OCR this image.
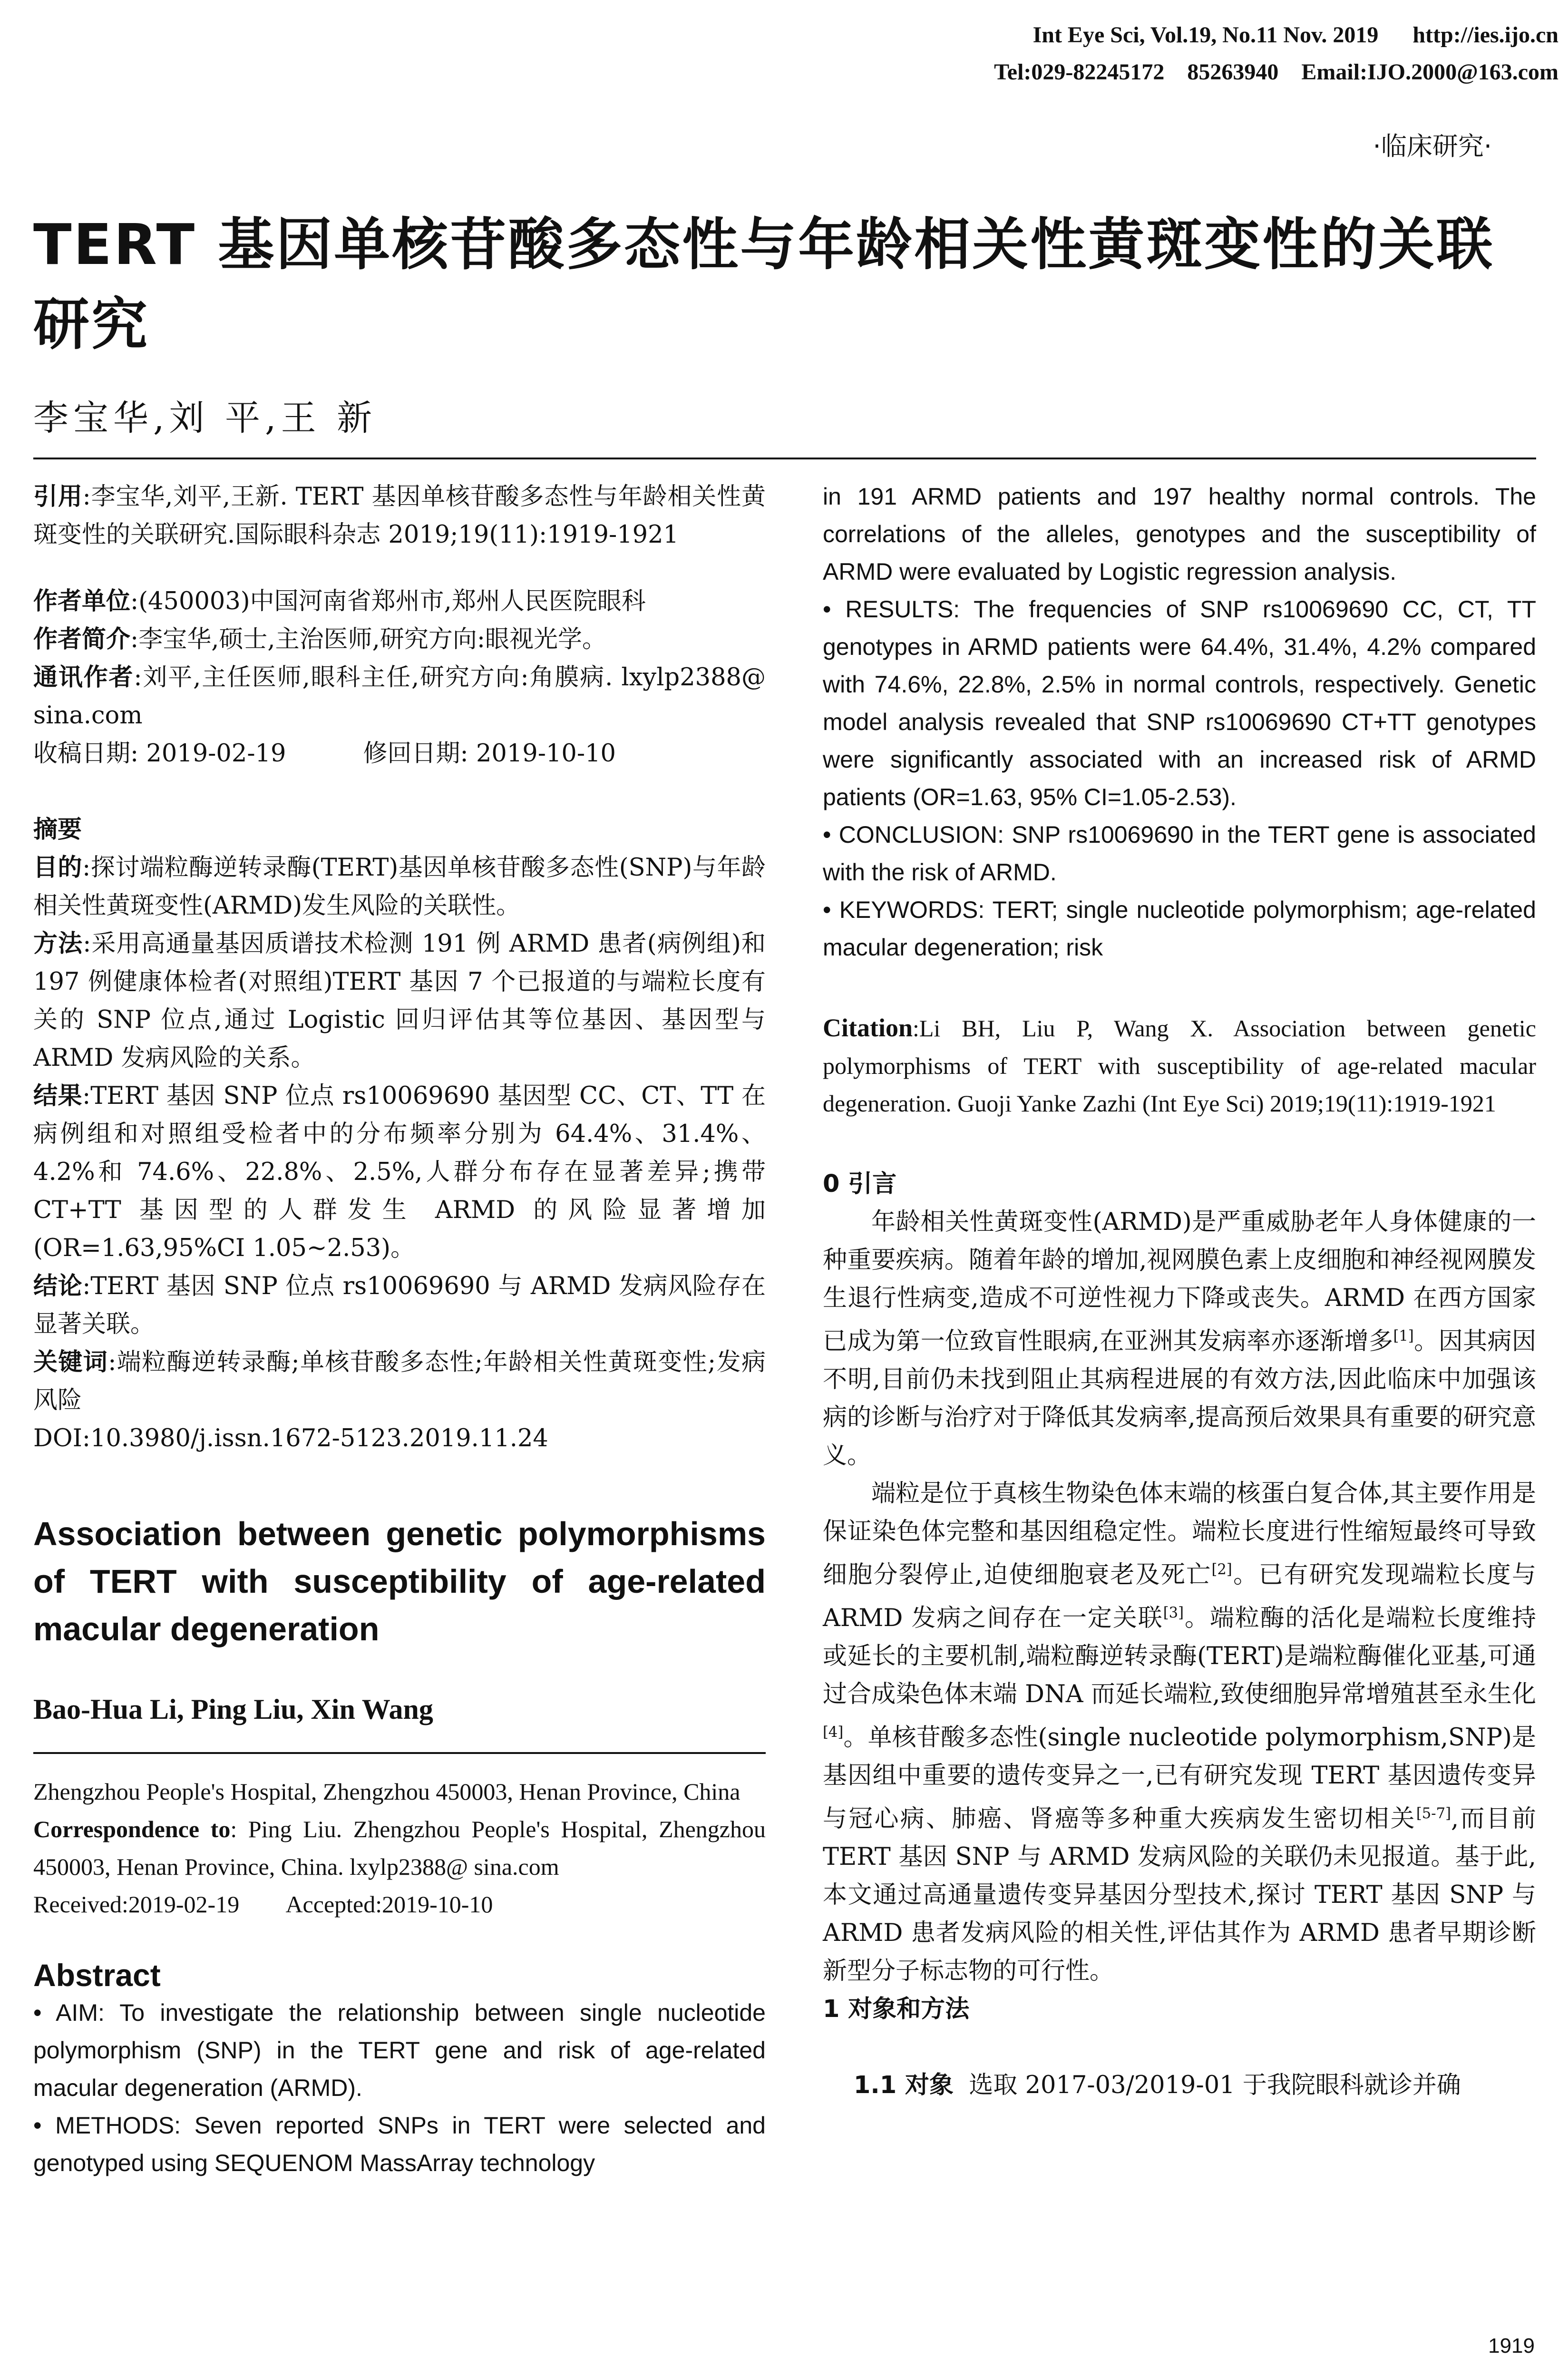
Int Eye Sci, Vol.19, No.11 Nov. 2019      http://ies.ijo.cn
Tel:029-82245172    85263940    Email:IJO.2000@163.com
·临床研究·
TERT 基因单核苷酸多态性与年龄相关性黄斑变性的关联研究
李宝华,刘 平,王 新

引用:李宝华,刘平,王新. TERT 基因单核苷酸多态性与年龄相关性黄斑变性的关联研究.国际眼科杂志 2019;19(11):1919-1921

作者单位:(450003)中国河南省郑州市,郑州人民医院眼科

作者简介:李宝华,硕士,主治医师,研究方向:眼视光学。

通讯作者:刘平,主任医师,眼科主任,研究方向:角膜病. lxylp2388@ sina.com

收稿日期: 2019-02-19          修回日期: 2019-10-10

摘要

目的:探讨端粒酶逆转录酶(TERT)基因单核苷酸多态性(SNP)与年龄相关性黄斑变性(ARMD)发生风险的关联性。

方法:采用高通量基因质谱技术检测 191 例 ARMD 患者(病例组)和 197 例健康体检者(对照组)TERT 基因 7 个已报道的与端粒长度有关的 SNP 位点,通过 Logistic 回归评估其等位基因、基因型与 ARMD 发病风险的关系。

结果:TERT 基因 SNP 位点 rs10069690 基因型 CC、CT、TT 在病例组和对照组受检者中的分布频率分别为 64.4%、31.4%、4.2%和 74.6%、22.8%、2.5%,人群分布存在显著差异;携带 CT+TT 基因型的人群发生 ARMD 的风险显著增加(OR=1.63,95%CI 1.05~2.53)。

结论:TERT 基因 SNP 位点 rs10069690 与 ARMD 发病风险存在显著关联。

关键词:端粒酶逆转录酶;单核苷酸多态性;年龄相关性黄斑变性;发病风险

DOI:10.3980/j.issn.1672-5123.2019.11.24

Association between genetic polymorphisms of TERT with susceptibility of age-related macular degeneration

Bao-Hua Li, Ping Liu, Xin Wang

Zhengzhou People's Hospital, Zhengzhou 450003, Henan Province, China

Correspondence to: Ping Liu. Zhengzhou People's Hospital, Zhengzhou 450003, Henan Province, China. lxylp2388@ sina.com

Received:2019-02-19        Accepted:2019-10-10

Abstract

• AIM: To investigate the relationship between single nucleotide polymorphism (SNP) in the TERT gene and risk of age-related macular degeneration (ARMD).

• METHODS: Seven reported SNPs in TERT were selected and genotyped using SEQUENOM MassArray technology

in 191 ARMD patients and 197 healthy normal controls. The correlations of the alleles, genotypes and the susceptibility of ARMD were evaluated by Logistic regression analysis.

• RESULTS: The frequencies of SNP rs10069690 CC, CT, TT genotypes in ARMD patients were 64.4%, 31.4%, 4.2% compared with 74.6%, 22.8%, 2.5% in normal controls, respectively. Genetic model analysis revealed that SNP rs10069690 CT+TT genotypes were significantly associated with an increased risk of ARMD patients (OR=1.63, 95% CI=1.05-2.53).

• CONCLUSION: SNP rs10069690 in the TERT gene is associated with the risk of ARMD.

• KEYWORDS: TERT; single nucleotide polymorphism; age-related macular degeneration; risk

Citation:Li BH, Liu P, Wang X. Association between genetic polymorphisms of TERT with susceptibility of age-related macular degeneration. Guoji Yanke Zazhi (Int Eye Sci) 2019;19(11):1919-1921

0 引言

年龄相关性黄斑变性(ARMD)是严重威胁老年人身体健康的一种重要疾病。随着年龄的增加,视网膜色素上皮细胞和神经视网膜发生退行性病变,造成不可逆性视力下降或丧失。ARMD 在西方国家已成为第一位致盲性眼病,在亚洲其发病率亦逐渐增多[1]。因其病因不明,目前仍未找到阻止其病程进展的有效方法,因此临床中加强该病的诊断与治疗对于降低其发病率,提高预后效果具有重要的研究意义。

端粒是位于真核生物染色体末端的核蛋白复合体,其主要作用是保证染色体完整和基因组稳定性。端粒长度进行性缩短最终可导致细胞分裂停止,迫使细胞衰老及死亡[2]。已有研究发现端粒长度与 ARMD 发病之间存在一定关联[3]。端粒酶的活化是端粒长度维持或延长的主要机制,端粒酶逆转录酶(TERT)是端粒酶催化亚基,可通过合成染色体末端 DNA 而延长端粒,致使细胞异常增殖甚至永生化[4]。单核苷酸多态性(single nucleotide polymorphism,SNP)是基因组中重要的遗传变异之一,已有研究发现 TERT 基因遗传变异与冠心病、肺癌、肾癌等多种重大疾病发生密切相关[5-7],而目前 TERT 基因 SNP 与 ARMD 发病风险的关联仍未见报道。基于此,本文通过高通量遗传变异基因分型技术,探讨 TERT 基因 SNP 与 ARMD 患者发病风险的相关性,评估其作为 ARMD 患者早期诊断新型分子标志物的可行性。

1 对象和方法

1.1 对象  选取 2017-03/2019-01 于我院眼科就诊并确

1919
